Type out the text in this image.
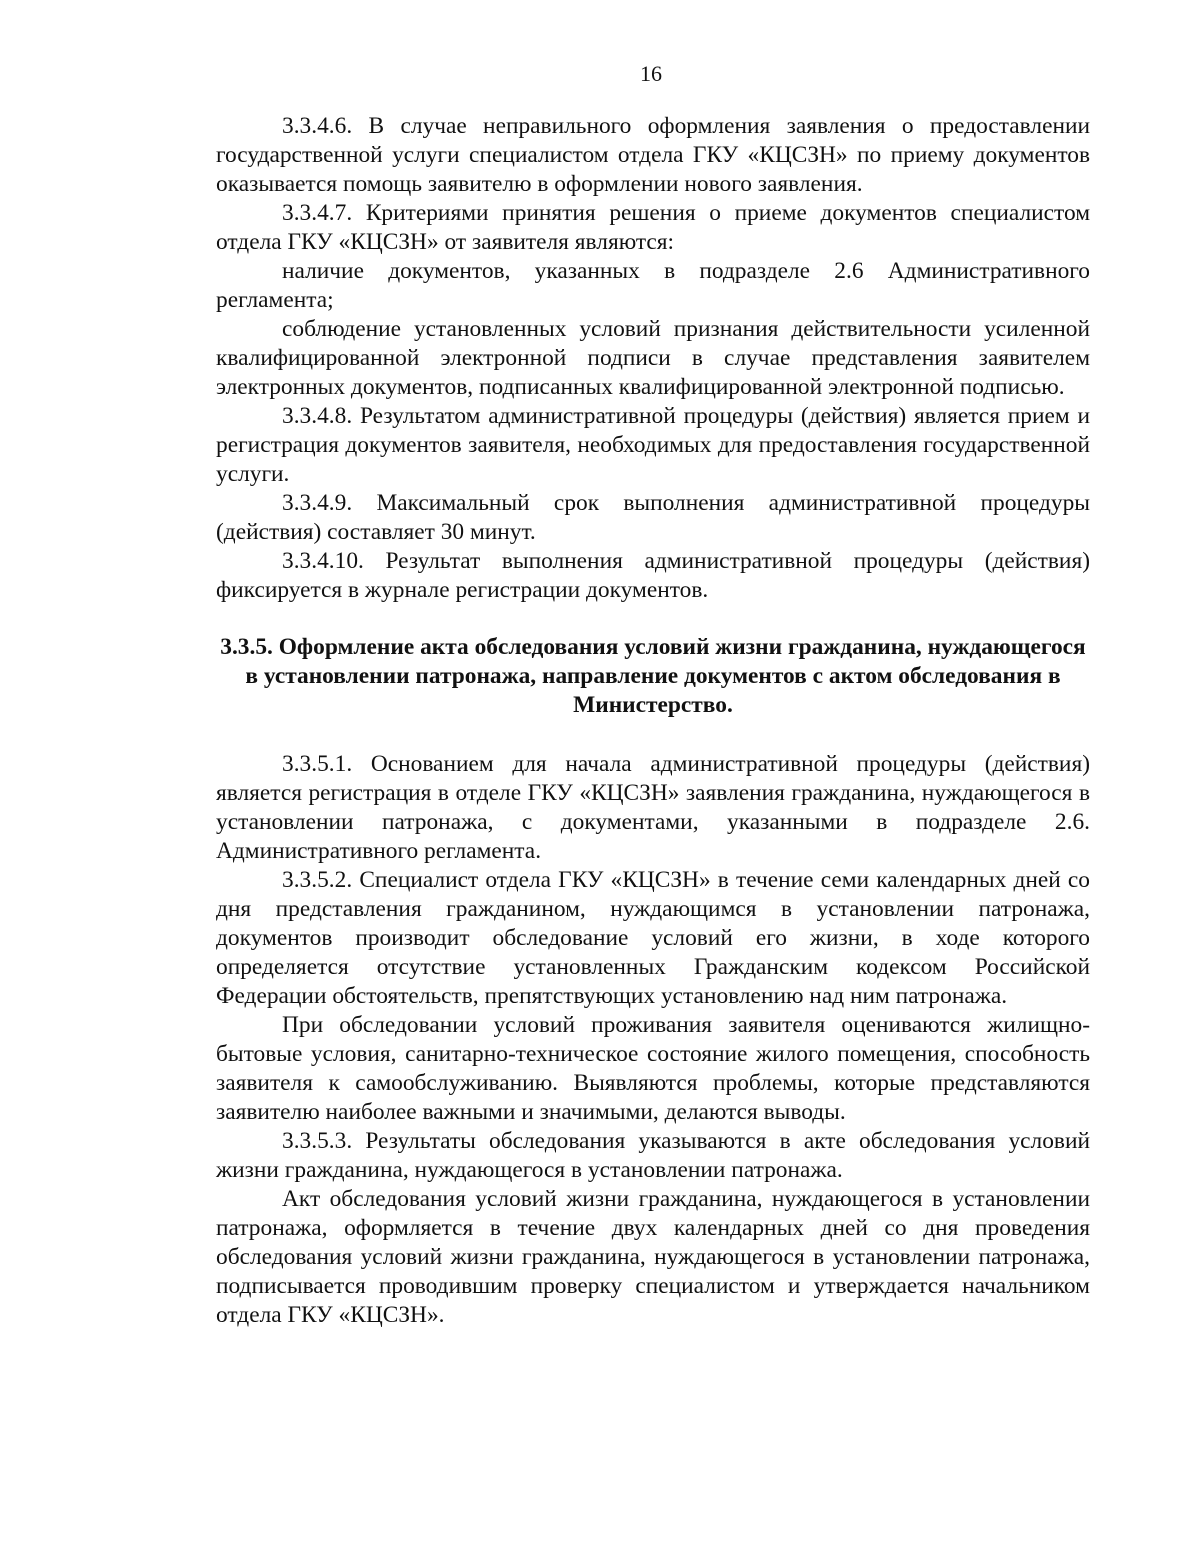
16

3.3.4.6. В случае неправильного оформления заявления о предоставлении государственной услуги специалистом отдела ГКУ «КЦСЗН» по приему документов оказывается помощь заявителю в оформлении нового заявления.

3.3.4.7. Критериями принятия решения о приеме документов специалистом отдела ГКУ «КЦСЗН» от заявителя являются:

наличие документов, указанных в подразделе 2.6 Административного регламента;

соблюдение установленных условий признания действительности усиленной квалифицированной электронной подписи в случае представления заявителем электронных документов, подписанных квалифицированной электронной подписью.

3.3.4.8. Результатом административной процедуры (действия) является прием и регистрация документов заявителя, необходимых для предоставления государственной услуги.

3.3.4.9. Максимальный срок выполнения административной процедуры (действия) составляет 30 минут.

3.3.4.10. Результат выполнения административной процедуры (действия) фиксируется в журнале регистрации документов.

3.3.5. Оформление акта обследования условий жизни гражданина, нуждающегося в установлении патронажа, направление документов с актом обследования в Министерство.

3.3.5.1. Основанием для начала административной процедуры (действия) является регистрация в отделе ГКУ «КЦСЗН» заявления гражданина, нуждающегося в установлении патронажа, с документами, указанными в подразделе 2.6. Административного регламента.

3.3.5.2. Специалист отдела ГКУ «КЦСЗН» в течение семи календарных дней со дня представления гражданином, нуждающимся в установлении патронажа, документов производит обследование условий его жизни, в ходе которого определяется отсутствие установленных Гражданским кодексом Российской Федерации обстоятельств, препятствующих установлению над ним патронажа.

При обследовании условий проживания заявителя оцениваются жилищно-бытовые условия, санитарно-техническое состояние жилого помещения, способность заявителя к самообслуживанию. Выявляются проблемы, которые представляются заявителю наиболее важными и значимыми, делаются выводы.

3.3.5.3. Результаты обследования указываются в акте обследования условий жизни гражданина, нуждающегося в установлении патронажа.

Акт обследования условий жизни гражданина, нуждающегося в установлении патронажа, оформляется в течение двух календарных дней со дня проведения обследования условий жизни гражданина, нуждающегося в установлении патронажа, подписывается проводившим проверку специалистом и утверждается начальником отдела ГКУ «КЦСЗН».
